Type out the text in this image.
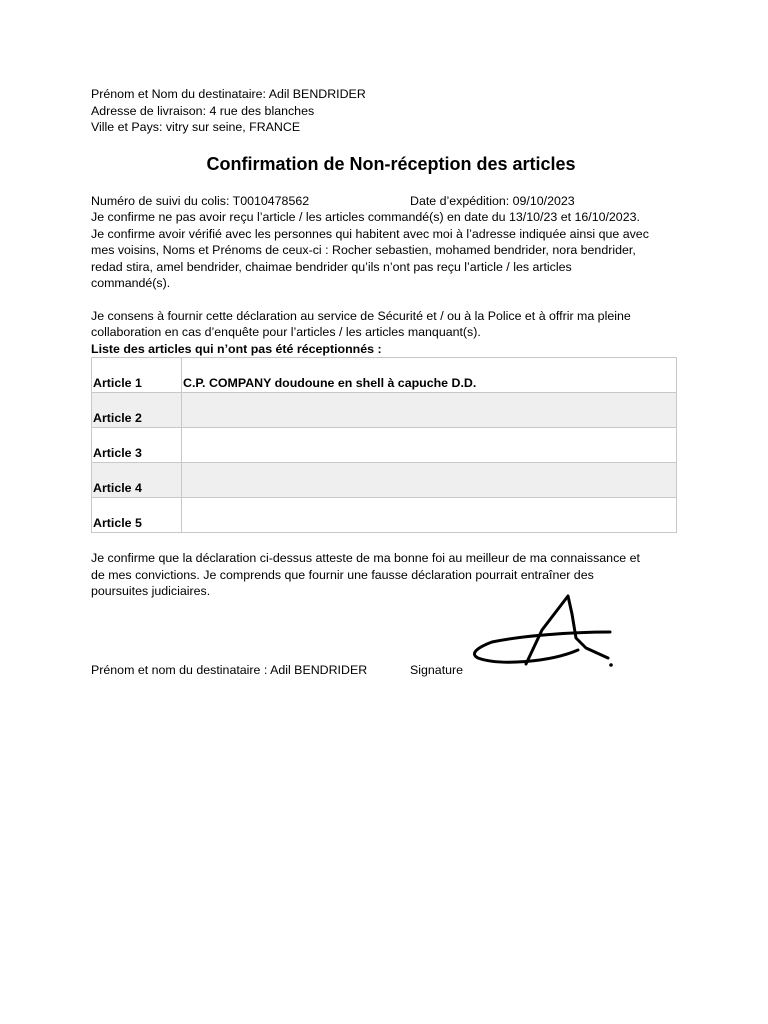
Prénom et Nom du destinataire: Adil BENDRIDER
Adresse de livraison: 4 rue des blanches
Ville et Pays: vitry sur seine, FRANCE
Confirmation de Non-réception des articles
Numéro de suivi du colis: T0010478562	Date d’expédition: 09/10/2023
Je confirme ne pas avoir reçu l’article / les articles commandé(s) en date du 13/10/23 et 16/10/2023.
Je confirme avoir vérifié avec les personnes qui habitent avec moi à l’adresse indiquée ainsi que avec
mes voisins, Noms et Prénoms de ceux-ci : Rocher sebastien, mohamed bendrider, nora bendrider,
redad stira, amel bendrider, chaimae bendrider qu’ils n’ont pas reçu l’article / les articles
commandé(s).
Je consens à fournir cette déclaration au service de Sécurité et / ou à la Police et à offrir ma pleine
collaboration en cas d’enquête pour l’articles / les articles manquant(s).
Liste des articles qui n’ont pas été réceptionnés :
Article 1	C.P. COMPANY doudoune en shell à capuche D.D.
Article 2	
Article 3	
Article 4	
Article 5	
Je confirme que la déclaration ci-dessus atteste de ma bonne foi au meilleur de ma connaissance et
de mes convictions. Je comprends que fournir une fausse déclaration pourrait entraîner des
poursuites judiciaires.
Prénom et nom du destinataire : Adil BENDRIDER	Signature
